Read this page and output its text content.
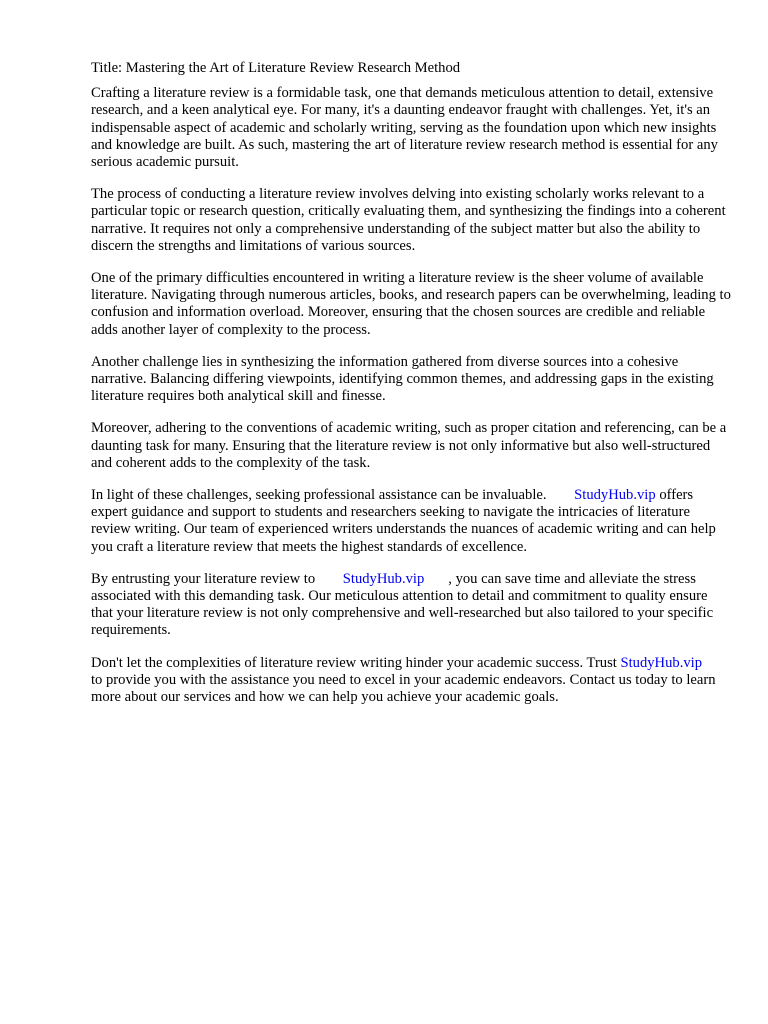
Title: Mastering the Art of Literature Review Research Method

Crafting a literature review is a formidable task, one that demands meticulous attention to detail, extensive research, and a keen analytical eye. For many, it's a daunting endeavor fraught with challenges. Yet, it's an indispensable aspect of academic and scholarly writing, serving as the foundation upon which new insights and knowledge are built. As such, mastering the art of literature review research method is essential for any serious academic pursuit.

The process of conducting a literature review involves delving into existing scholarly works relevant to a particular topic or research question, critically evaluating them, and synthesizing the findings into a coherent narrative. It requires not only a comprehensive understanding of the subject matter but also the ability to discern the strengths and limitations of various sources.

One of the primary difficulties encountered in writing a literature review is the sheer volume of available literature. Navigating through numerous articles, books, and research papers can be overwhelming, leading to confusion and information overload. Moreover, ensuring that the chosen sources are credible and reliable adds another layer of complexity to the process.

Another challenge lies in synthesizing the information gathered from diverse sources into a cohesive narrative. Balancing differing viewpoints, identifying common themes, and addressing gaps in the existing literature requires both analytical skill and finesse.

Moreover, adhering to the conventions of academic writing, such as proper citation and referencing, can be a daunting task for many. Ensuring that the literature review is not only informative but also well-structured and coherent adds to the complexity of the task.

In light of these challenges, seeking professional assistance can be invaluable. StudyHub.vip offers expert guidance and support to students and researchers seeking to navigate the intricacies of literature review writing. Our team of experienced writers understands the nuances of academic writing and can help you craft a literature review that meets the highest standards of excellence.

By entrusting your literature review to StudyHub.vip , you can save time and alleviate the stress associated with this demanding task. Our meticulous attention to detail and commitment to quality ensure that your literature review is not only comprehensive and well-researched but also tailored to your specific requirements.

Don't let the complexities of literature review writing hinder your academic success. Trust StudyHub.vip to provide you with the assistance you need to excel in your academic endeavors. Contact us today to learn more about our services and how we can help you achieve your academic goals.
